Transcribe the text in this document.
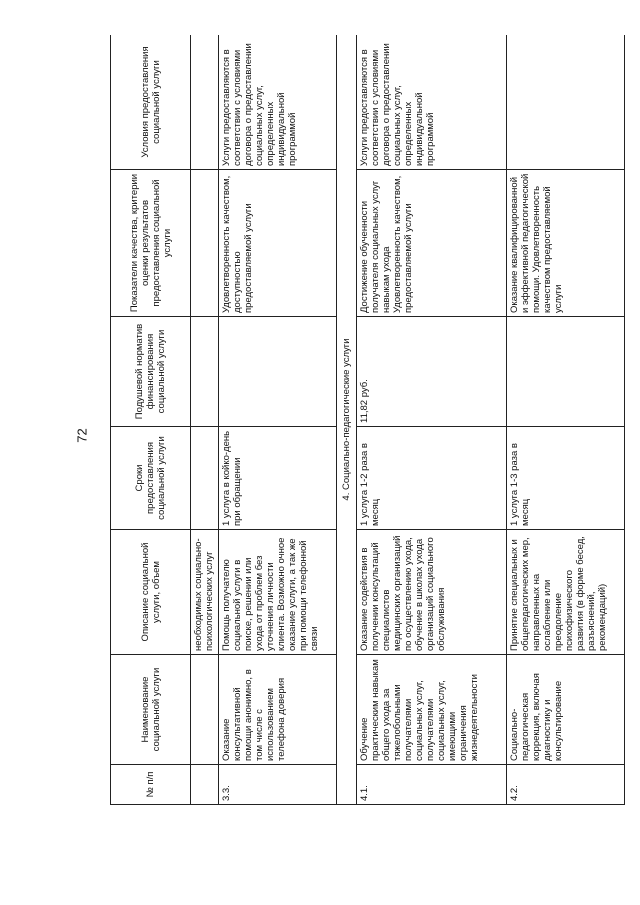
72
№ п/п	Наименование социальной услуги	Описание социальной услуги, объем	Сроки предоставления социальной услуги	Подушевой норматив финансирования социальной услуги	Показатели качества, критерии оценки результатов предоставления социальной услуги	Условия предоставления социальной услуги
		необходимых социально-психологических услуг				
3.3.	Оказание консультативной помощи анонимно, в том числе с использованием телефона доверия	Помощь получателю социальной услуги в поиске, решении или ухода от проблем без уточнения личности клиента. Возможно очное оказание услуги, а так же при помощи телефонной связи	1 услуга в койко-день при обращении		Удовлетворенность качеством, доступностью предоставляемой услуги	Услуги предоставляются в соответствии с условиями договора о предоставлении социальных услуг, определенных индивидуальной программой
4. Социально-педагогические услуги						
4.1.	Обучение практическим навыкам общего ухода за тяжелобольными получателями социальных услуг, получателями социальных услуг, имеющими ограничения жизнедеятельности	Оказание содействия в получении консультаций специалистов медицинских организаций по осуществлению ухода, обучение в школах ухода организаций социального обслуживания	1 услуга 1-2 раза в месяц	11,82 руб.	Достижение обученности получателя социальных услуг навыкам ухода Удовлетворенность качеством, предоставляемой услуги	Услуги предоставляются в соответствии с условиями договора о предоставлении социальных услуг, определенных индивидуальной программой
4.2.	Социально-педагогическая коррекция, включая диагностику и консультирование	Принятие специальных и общепедагогических мер, направленных на ослабление или преодоление психофизического развития (в форме бесед, разъяснений, рекомендаций)	1 услуга 1-3 раза в месяц		Оказание квалифицированной и эффективной педагогической помощи. Удовлетворенность качеством предоставляемой услуги	
